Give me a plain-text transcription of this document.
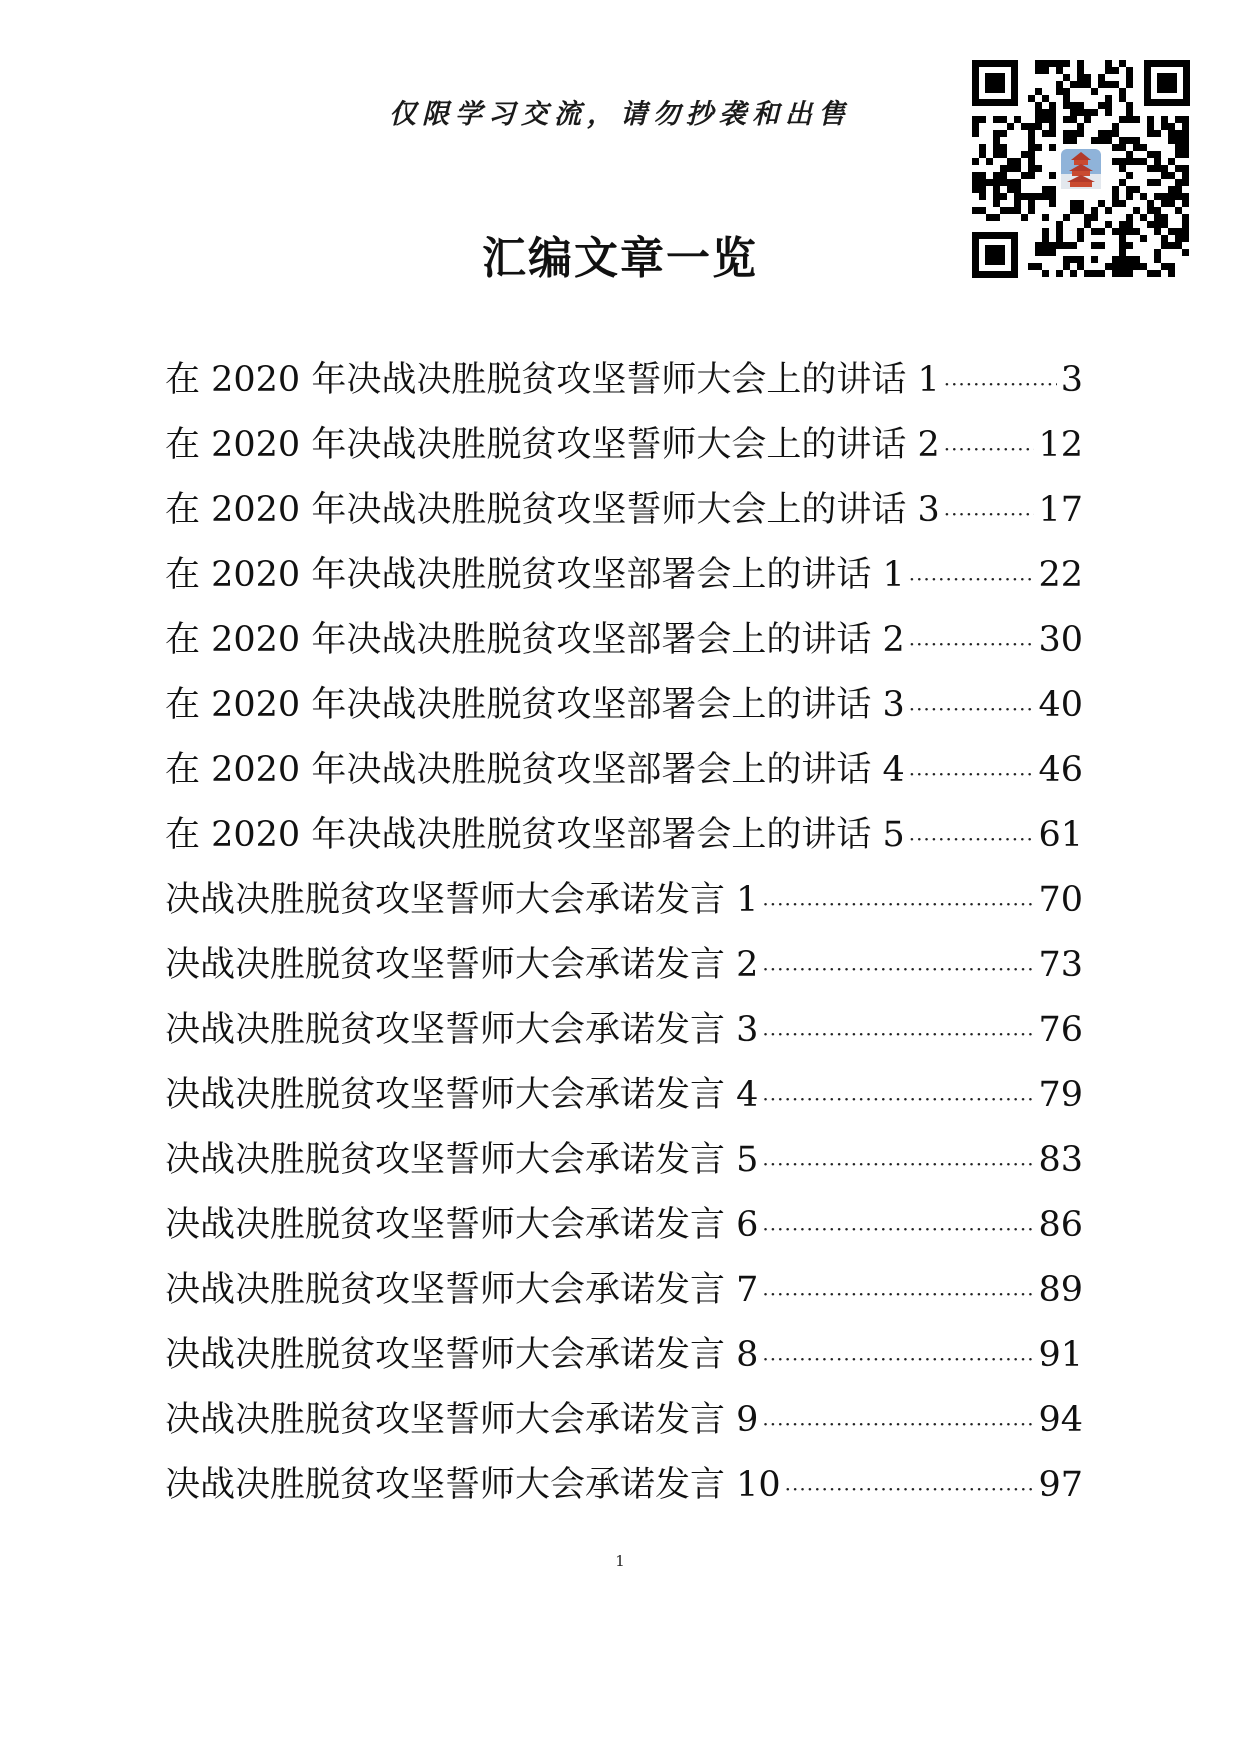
仅限学习交流，请勿抄袭和出售
汇编文章一览
在 2020 年决战决胜脱贫攻坚誓师大会上的讲话 1 ·····	3
在 2020 年决战决胜脱贫攻坚誓师大会上的讲话 2 ·····	12
在 2020 年决战决胜脱贫攻坚誓师大会上的讲话 3 ·····	17
在 2020 年决战决胜脱贫攻坚部署会上的讲话 1 ·····	22
在 2020 年决战决胜脱贫攻坚部署会上的讲话 2 ·····	30
在 2020 年决战决胜脱贫攻坚部署会上的讲话 3 ·····	40
在 2020 年决战决胜脱贫攻坚部署会上的讲话 4 ·····	46
在 2020 年决战决胜脱贫攻坚部署会上的讲话 5 ·····	61
决战决胜脱贫攻坚誓师大会承诺发言 1 ·····	70
决战决胜脱贫攻坚誓师大会承诺发言 2 ·····	73
决战决胜脱贫攻坚誓师大会承诺发言 3 ·····	76
决战决胜脱贫攻坚誓师大会承诺发言 4 ·····	79
决战决胜脱贫攻坚誓师大会承诺发言 5 ·····	83
决战决胜脱贫攻坚誓师大会承诺发言 6 ·····	86
决战决胜脱贫攻坚誓师大会承诺发言 7 ·····	89
决战决胜脱贫攻坚誓师大会承诺发言 8 ·····	91
决战决胜脱贫攻坚誓师大会承诺发言 9 ·····	94
决战决胜脱贫攻坚誓师大会承诺发言 10 ·····	97
1
